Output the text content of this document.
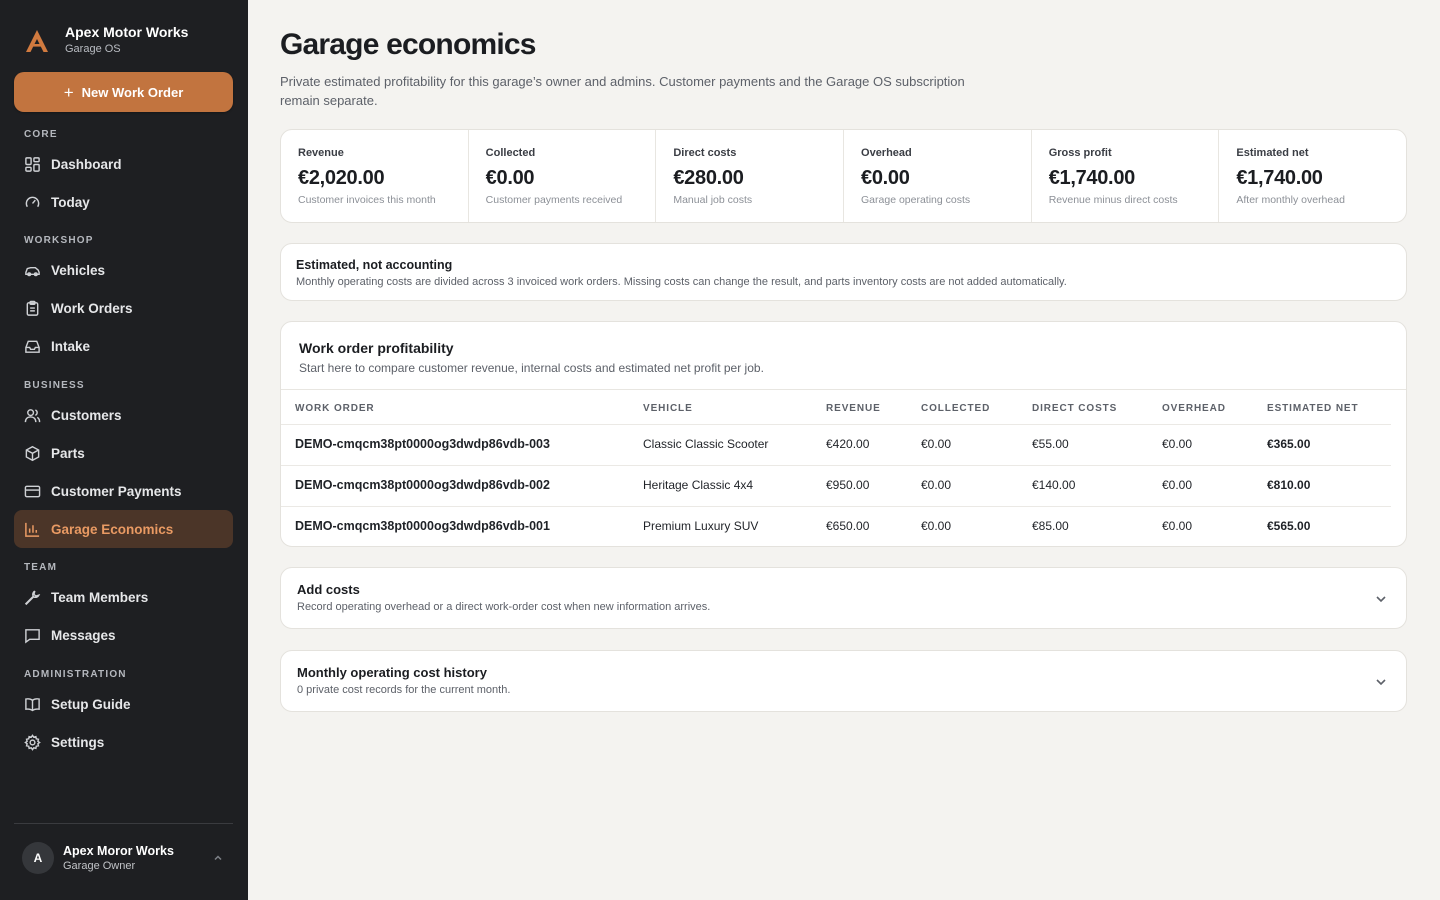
Apex Motor Works
Garage OS
+ New Work Order
CORE
Dashboard
Today
WORKSHOP
Vehicles
Work Orders
Intake
BUSINESS
Customers
Parts
Customer Payments
Garage Economics
TEAM
Team Members
Messages
ADMINISTRATION
Setup Guide
Settings
A
Apex Moror Works
Garage Owner
Garage economics

Private estimated profitability for this garage’s owner and admins. Customer payments and the Garage OS subscription remain separate.

Revenue
€2,020.00
Customer invoices this month
Collected
€0.00
Customer payments received
Direct costs
€280.00
Manual job costs
Overhead
€0.00
Garage operating costs
Gross profit
€1,740.00
Revenue minus direct costs
Estimated net
€1,740.00
After monthly overhead
Estimated, not accounting
Monthly operating costs are divided across 3 invoiced work orders. Missing costs can change the result, and parts inventory costs are not added automatically.
Work order profitability
Start here to compare customer revenue, internal costs and estimated net profit per job.
WORK ORDER	VEHICLE	REVENUE	COLLECTED	DIRECT COSTS	OVERHEAD	ESTIMATED NET
DEMO-cmqcm38pt0000og3dwdp86vdb-003	Classic Classic Scooter	€420.00	€0.00	€55.00	€0.00	€365.00
DEMO-cmqcm38pt0000og3dwdp86vdb-002	Heritage Classic 4x4	€950.00	€0.00	€140.00	€0.00	€810.00
DEMO-cmqcm38pt0000og3dwdp86vdb-001	Premium Luxury SUV	€650.00	€0.00	€85.00	€0.00	€565.00
Add costs
Record operating overhead or a direct work-order cost when new information arrives.
Monthly operating cost history
0 private cost records for the current month.
